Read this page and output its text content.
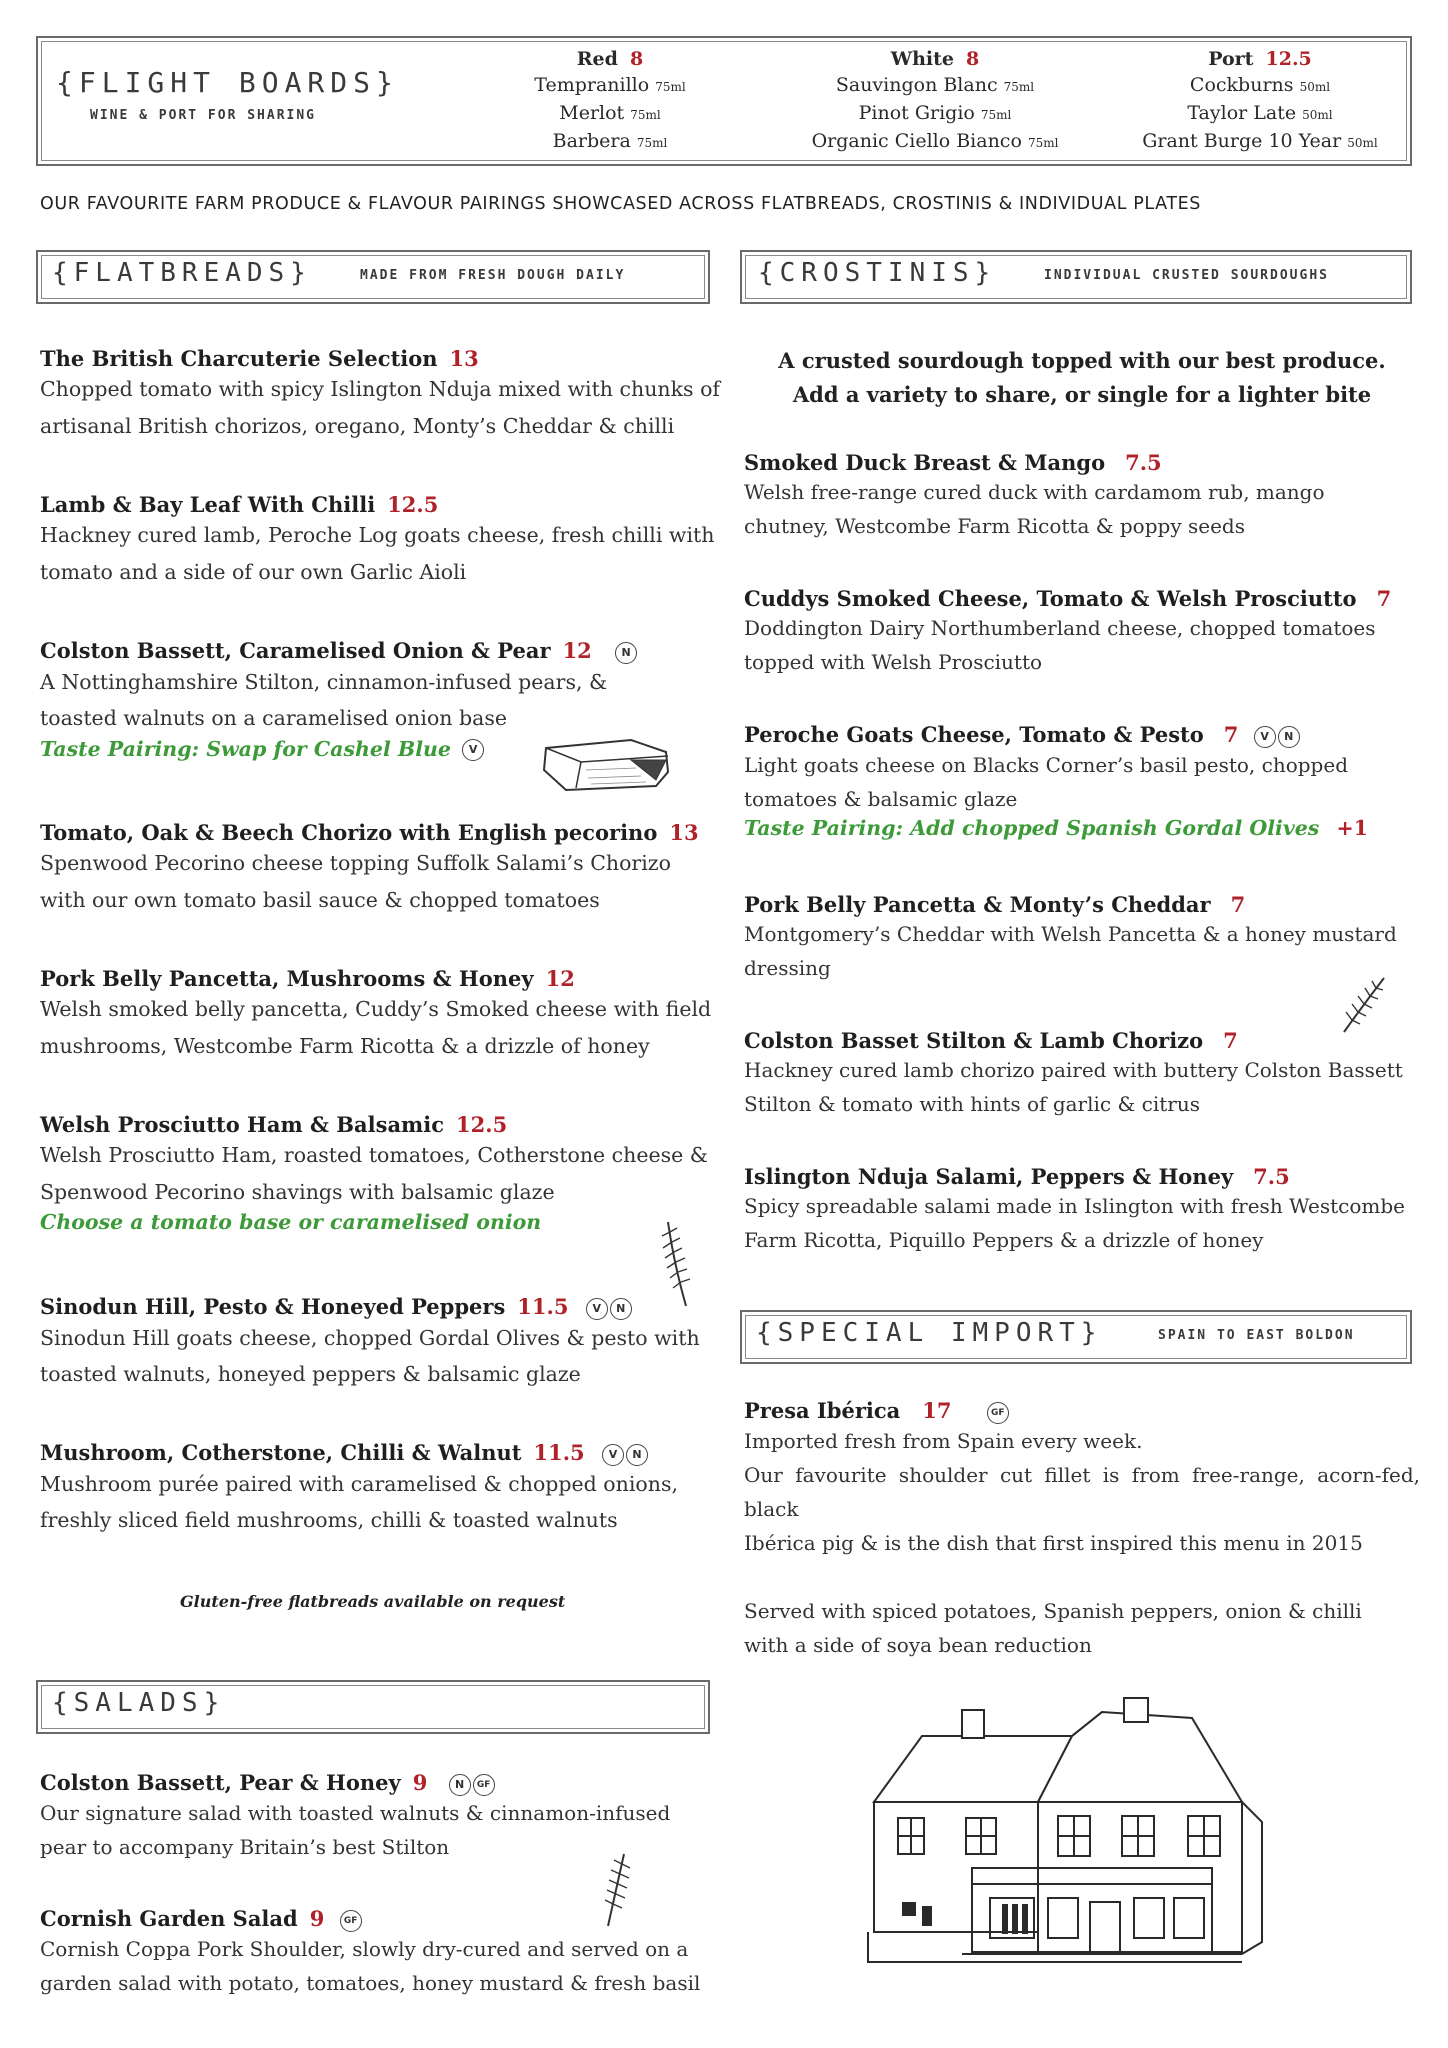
{FLIGHT BOARDS}
WINE & PORT FOR SHARING
Red 8
Tempranillo 75ml
Merlot 75ml
Barbera 75ml
White 8
Sauvingon Blanc 75ml
Pinot Grigio 75ml
Organic Ciello Bianco 75ml
Port 12.5
Cockburns 50ml
Taylor Late 50ml
Grant Burge 10 Year 50ml
OUR FAVOURITE FARM PRODUCE & FLAVOUR PAIRINGS SHOWCASED ACROSS FLATBREADS, CROSTINIS & INDIVIDUAL PLATES
{FLATBREADS}	MADE FROM FRESH DOUGH DAILY
The British Charcuterie Selection 13
Chopped tomato with spicy Islington Nduja mixed with chunks of artisanal British chorizos, oregano, Monty’s Cheddar & chilli
Lamb & Bay Leaf With Chilli 12.5
Hackney cured lamb, Peroche Log goats cheese, fresh chilli with tomato and a side of our own Garlic Aioli
Colston Bassett, Caramelised Onion & Pear 12	N
A Nottinghamshire Stilton, cinnamon-infused pears, & toasted walnuts on a caramelised onion base
Taste Pairing: Swap for Cashel Blue V
Tomato, Oak & Beech Chorizo with English pecorino 13
Spenwood Pecorino cheese topping Suffolk Salami’s Chorizo with our own tomato basil sauce & chopped tomatoes
Pork Belly Pancetta, Mushrooms & Honey 12
Welsh smoked belly pancetta, Cuddy’s Smoked cheese with field mushrooms, Westcombe Farm Ricotta & a drizzle of honey
Welsh Prosciutto Ham & Balsamic 12.5
Welsh Prosciutto Ham, roasted tomatoes, Cotherstone cheese & Spenwood Pecorino shavings with balsamic glaze
Choose a tomato base or caramelised onion
Sinodun Hill, Pesto & Honeyed Peppers 11.5 V N
Sinodun Hill goats cheese, chopped Gordal Olives & pesto with toasted walnuts, honeyed peppers & balsamic glaze
Mushroom, Cotherstone, Chilli & Walnut 11.5 V N
Mushroom purée paired with caramelised & chopped onions, freshly sliced field mushrooms, chilli & toasted walnuts
Gluten-free flatbreads available on request
{SALADS}
Colston Bassett, Pear & Honey 9	N GF
Our signature salad with toasted walnuts & cinnamon-infused pear to accompany Britain’s best Stilton
Cornish Garden Salad 9 GF
Cornish Coppa Pork Shoulder, slowly dry-cured and served on a garden salad with potato, tomatoes, honey mustard & fresh basil
{CROSTINIS}	INDIVIDUAL CRUSTED SOURDOUGHS
A crusted sourdough topped with our best produce.
Add a variety to share, or single for a lighter bite
Smoked Duck Breast & Mango 7.5
Welsh free-range cured duck with cardamom rub, mango chutney, Westcombe Farm Ricotta & poppy seeds
Cuddys Smoked Cheese, Tomato & Welsh Prosciutto 7
Doddington Dairy Northumberland cheese, chopped tomatoes topped with Welsh Prosciutto
Peroche Goats Cheese, Tomato & Pesto 7 V N
Light goats cheese on Blacks Corner’s basil pesto, chopped tomatoes & balsamic glaze
Taste Pairing: Add chopped Spanish Gordal Olives +1
Pork Belly Pancetta & Monty’s Cheddar 7
Montgomery’s Cheddar with Welsh Pancetta & a honey mustard dressing
Colston Basset Stilton & Lamb Chorizo 7
Hackney cured lamb chorizo paired with buttery Colston Bassett Stilton & tomato with hints of garlic & citrus
Islington Nduja Salami, Peppers & Honey 7.5
Spicy spreadable salami made in Islington with fresh Westcombe Farm Ricotta, Piquillo Peppers & a drizzle of honey
{SPECIAL IMPORT}	SPAIN TO EAST BOLDON
Presa Ibérica 17	GF
Imported fresh from Spain every week.
Our favourite shoulder cut fillet is from free-range, acorn-fed, black
Ibérica pig & is the dish that first inspired this menu in 2015
Served with spiced potatoes, Spanish peppers, onion & chilli with a side of soya bean reduction
